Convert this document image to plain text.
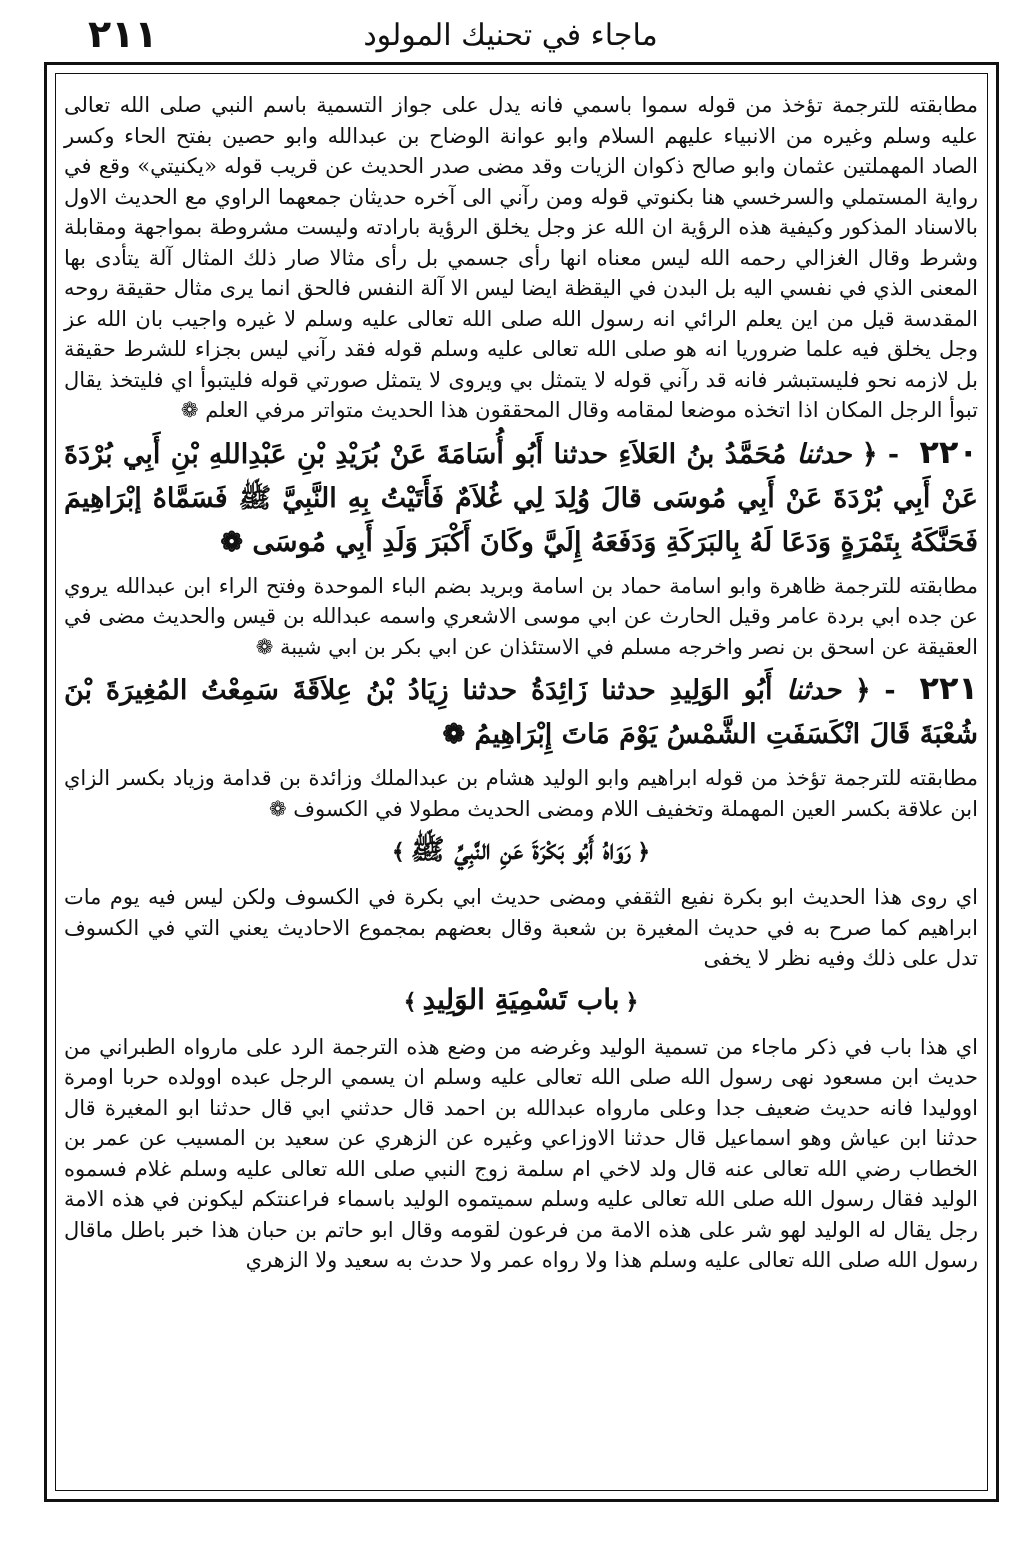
٢١١	ماجاء في تحنيك المولود

مطابقته للترجمة تؤخذ من قوله سموا باسمي فانه يدل على جواز التسمية باسم النبي صلى الله تعالى عليه وسلم وغيره من الانبياء عليهم السلام وابو عوانة الوضاح بن عبدالله وابو حصين بفتح الحاء وكسر الصاد المهملتين عثمان وابو صالح ذكوان الزيات وقد مضى صدر الحديث عن قريب قوله «يكنيتي» وقع في رواية المستملي والسرخسي هنا بكنوتي قوله ومن رآني الى آخره حديثان جمعهما الراوي مع الحديث الاول بالاسناد المذكور وكيفية هذه الرؤية ان الله عز وجل يخلق الرؤية بارادته وليست مشروطة بمواجهة ومقابلة وشرط وقال الغزالي رحمه الله ليس معناه انها رأى جسمي بل رأى مثالا صار ذلك المثال آلة يتأدى بها المعنى الذي في نفسي اليه بل البدن في اليقظة ايضا ليس الا آلة النفس فالحق انما يرى مثال حقيقة روحه المقدسة قيل من اين يعلم الرائي انه رسول الله صلى الله تعالى عليه وسلم لا غيره واجيب بان الله عز وجل يخلق فيه علما ضروريا انه هو صلى الله تعالى عليه وسلم قوله فقد رآني ليس بجزاء للشرط حقيقة بل لازمه نحو فليستبشر فانه قد رآني قوله لا يتمثل بي ويروى لا يتمثل صورتي قوله فليتبوأ اي فليتخذ يقال تبوأ الرجل المكان اذا اتخذه موضعا لمقامه وقال المحققون هذا الحديث متواتر مرفي العلم ❁

٢٢٠ - ﴿ حدثنا مُحَمَّدُ بنُ العَلاَءِ حدثنا أَبُو أُسَامَةَ عَنْ بُرَيْدِ بْنِ عَبْدِاللهِ بْنِ أَبِي بُرْدَةَ عَنْ أَبِي بُرْدَةَ عَنْ أَبِي مُوسَى قالَ وُلِدَ لِي غُلاَمٌ فَأَتَيْتُ بِهِ النَّبِيَّ ﷺ فَسَمَّاهُ إبْرَاهِيمَ فَحَنَّكَهُ بِتَمْرَةٍ وَدَعَا لَهُ بِالبَرَكَةِ وَدَفَعَهُ إِلَيَّ وكَانَ أَكْبَرَ وَلَدِ أَبِي مُوسَى ❁

مطابقته للترجمة ظاهرة وابو اسامة حماد بن اسامة وبريد بضم الباء الموحدة وفتح الراء ابن عبدالله يروي عن جده ابي بردة عامر وقيل الحارث عن ابي موسى الاشعري واسمه عبدالله بن قيس والحديث مضى في العقيقة عن اسحق بن نصر واخرجه مسلم في الاستئذان عن ابي بكر بن ابي شيبة ❁

٢٢١ - ﴿ حدثنا أَبُو الوَلِيدِ حدثنا زَائِدَةُ حدثنا زِيَادُ بْنُ عِلاَقَةَ سَمِعْتُ المُغِيرَةَ بْنَ شُعْبَةَ قَالَ انْكَسَفَتِ الشَّمْسُ يَوْمَ مَاتَ إِبْرَاهِيمُ ❁

مطابقته للترجمة تؤخذ من قوله ابراهيم وابو الوليد هشام بن عبدالملك وزائدة بن قدامة وزياد بكسر الزاي ابن علاقة بكسر العين المهملة وتخفيف اللام ومضى الحديث مطولا في الكسوف ❁

﴿رَوَاهُ أَبُو بَكْرَةَ عَنِ النَّبِيِّ ﷺ﴾

اي روى هذا الحديث ابو بكرة نفيع الثقفي ومضى حديث ابي بكرة في الكسوف ولكن ليس فيه يوم مات ابراهيم كما صرح به في حديث المغيرة بن شعبة وقال بعضهم بمجموع الاحاديث يعني التي في الكسوف تدل على ذلك وفيه نظر لا يخفى

﴿باب تَسْمِيَةِ الوَلِيدِ﴾

اي هذا باب في ذكر ماجاء من تسمية الوليد وغرضه من وضع هذه الترجمة الرد على مارواه الطبراني من حديث ابن مسعود نهى رسول الله صلى الله تعالى عليه وسلم ان يسمي الرجل عبده اوولده حربا اومرة اووليدا فانه حديث ضعيف جدا وعلى مارواه عبدالله بن احمد قال حدثني ابي قال حدثنا ابو المغيرة قال حدثنا ابن عياش وهو اسماعيل قال حدثنا الاوزاعي وغيره عن الزهري عن سعيد بن المسيب عن عمر بن الخطاب رضي الله تعالى عنه قال ولد لاخي ام سلمة زوج النبي صلى الله تعالى عليه وسلم غلام فسموه الوليد فقال رسول الله صلى الله تعالى عليه وسلم سميتموه الوليد باسماء فراعنتكم ليكونن في هذه الامة رجل يقال له الوليد لهو شر على هذه الامة من فرعون لقومه وقال ابو حاتم بن حبان هذا خبر باطل ماقال رسول الله صلى الله تعالى عليه وسلم هذا ولا رواه عمر ولا حدث به سعيد ولا الزهري
